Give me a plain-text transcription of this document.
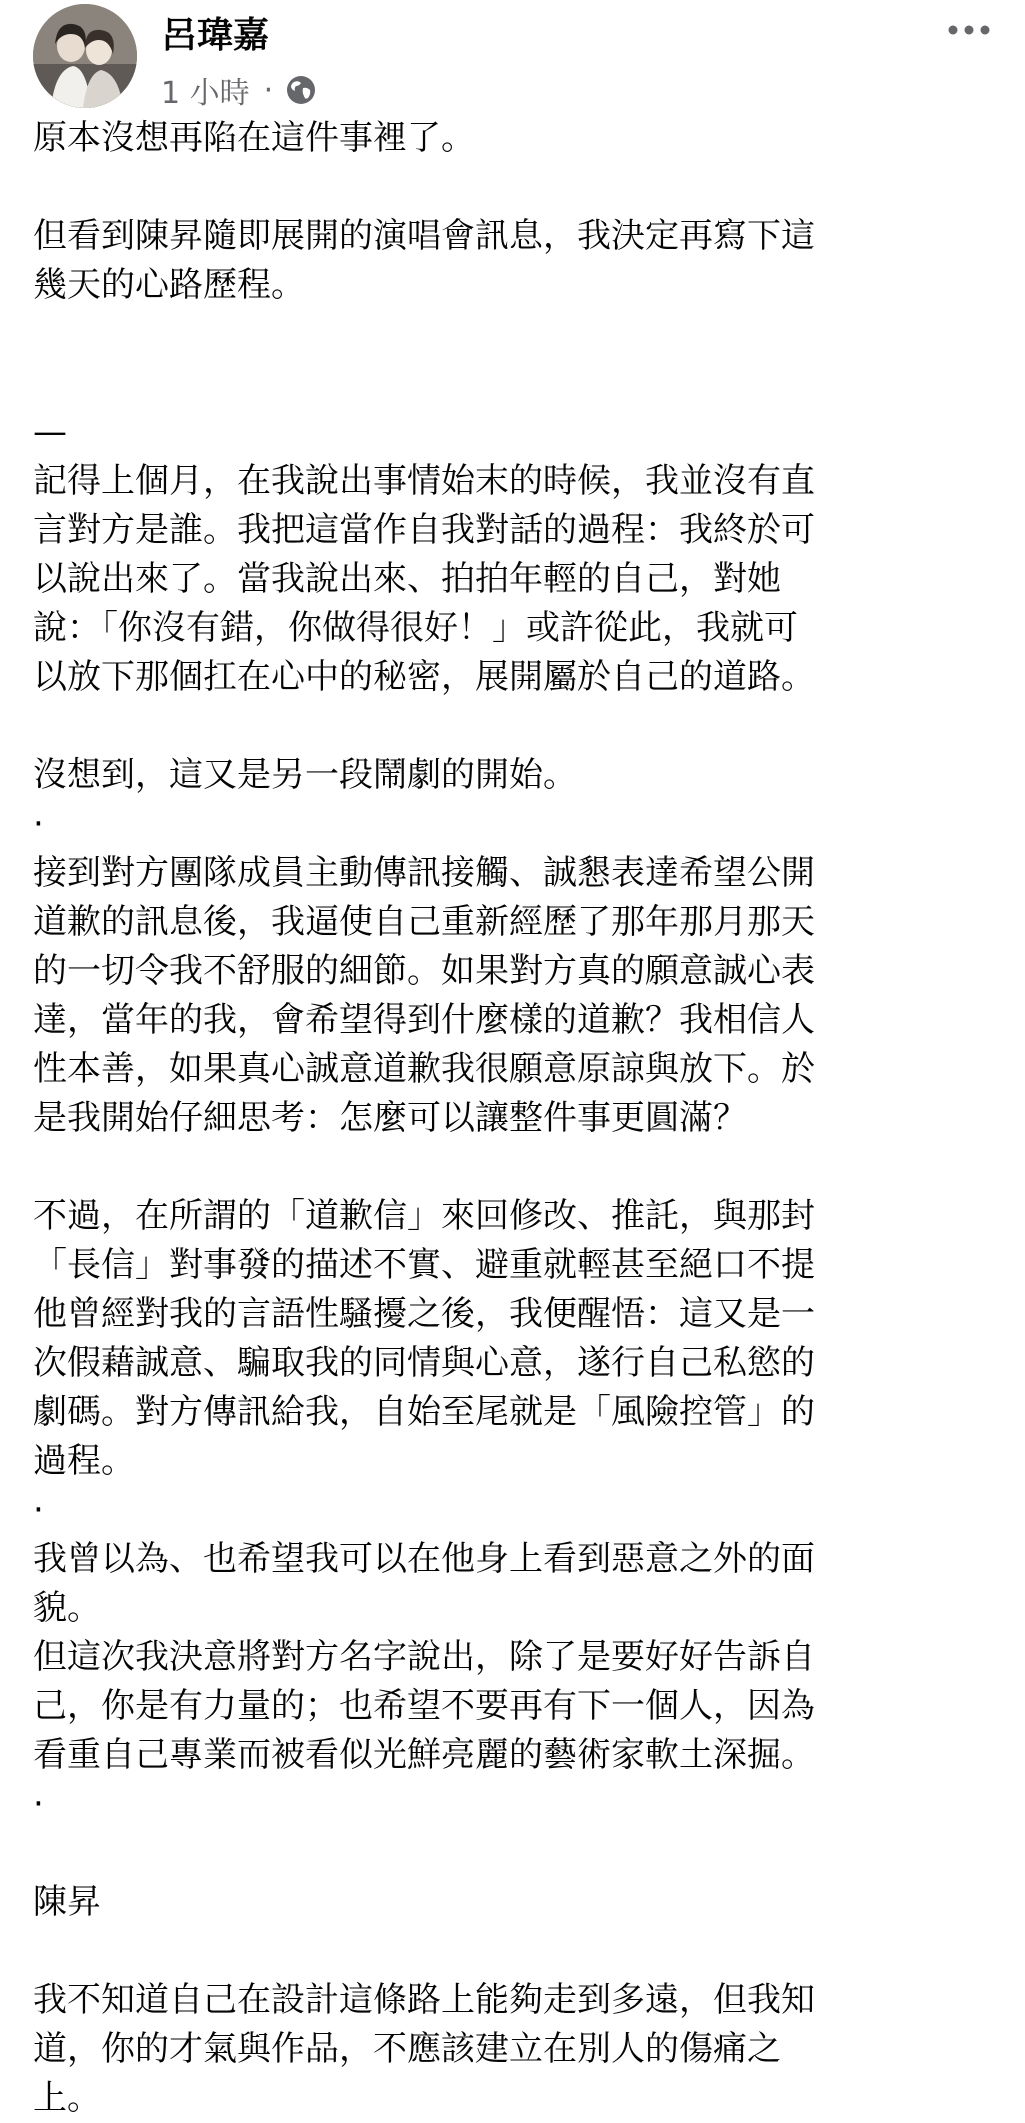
呂瑋嘉
1 小時 ·

原本沒想再陷在這件事裡了。

但看到陳昇隨即展開的演唱會訊息，我決定再寫下這
幾天的心路歷程。

—

記得上個月，在我說出事情始末的時候，我並沒有直
言對方是誰。我把這當作自我對話的過程：我終於可
以說出來了。當我說出來、拍拍年輕的自己，對她
說：「你沒有錯，你做得很好！」或許從此，我就可
以放下那個扛在心中的秘密，展開屬於自己的道路。

沒想到，這又是另一段鬧劇的開始。

·

接到對方團隊成員主動傳訊接觸、誠懇表達希望公開
道歉的訊息後，我逼使自己重新經歷了那年那月那天
的一切令我不舒服的細節。如果對方真的願意誠心表
達，當年的我，會希望得到什麼樣的道歉？我相信人
性本善，如果真心誠意道歉我很願意原諒與放下。於
是我開始仔細思考：怎麼可以讓整件事更圓滿？

不過，在所謂的「道歉信」來回修改、推託，與那封
「長信」對事發的描述不實、避重就輕甚至絕口不提
他曾經對我的言語性騷擾之後，我便醒悟：這又是一
次假藉誠意、騙取我的同情與心意，遂行自己私慾的
劇碼。對方傳訊給我，自始至尾就是「風險控管」的
過程。

·

我曾以為、也希望我可以在他身上看到惡意之外的面
貌。
但這次我決意將對方名字說出，除了是要好好告訴自
己，你是有力量的；也希望不要再有下一個人，因為
看重自己專業而被看似光鮮亮麗的藝術家軟土深掘。

·

陳昇

我不知道自己在設計這條路上能夠走到多遠，但我知
道，你的才氣與作品，不應該建立在別人的傷痛之
上。
